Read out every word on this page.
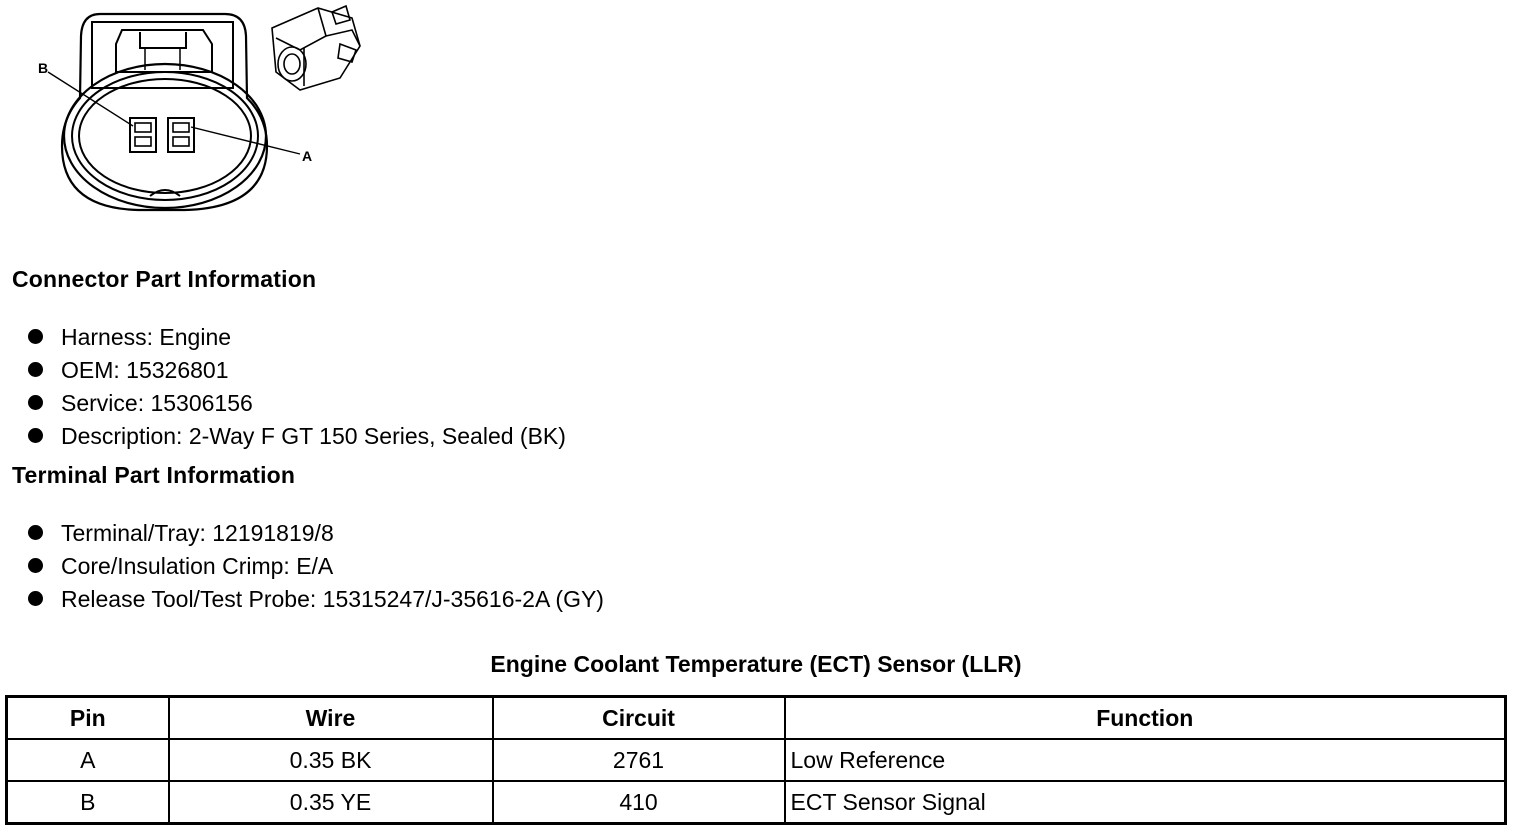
B
A
Connector Part Information
Harness: Engine
OEM: 15326801
Service: 15306156
Description: 2-Way F GT 150 Series, Sealed (BK)
Terminal Part Information
Terminal/Tray: 12191819/8
Core/Insulation Crimp: E/A
Release Tool/Test Probe: 15315247/J-35616-2A (GY)
Engine Coolant Temperature (ECT) Sensor (LLR)
Pin	Wire	Circuit	Function
A	0.35 BK	2761	Low Reference
B	0.35 YE	410	ECT Sensor Signal
